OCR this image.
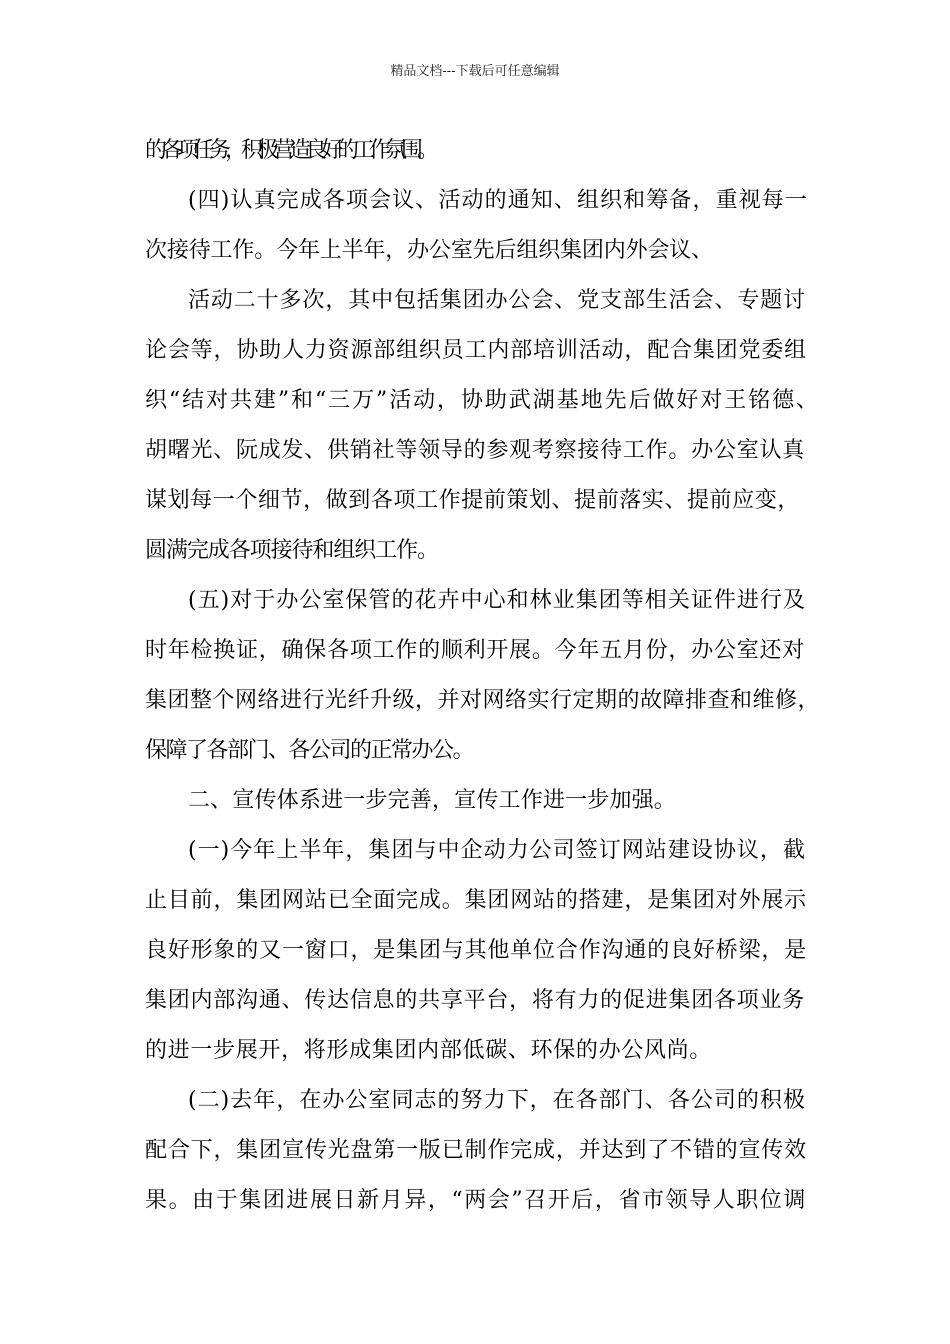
精品文档---下载后可任意编辑
的各项任务，积极营造良好的工作氛围。
(四)认真完成各项会议、活动的通知、组织和筹备，重视每一
次接待工作。今年上半年，办公室先后组织集团内外会议、
活动二十多次，其中包括集团办公会、党支部生活会、专题讨
论会等，协助人力资源部组织员工内部培训活动，配合集团党委组
织“结对共建”和“三万”活动，协助武湖基地先后做好对王铭德、
胡曙光、阮成发、供销社等领导的参观考察接待工作。办公室认真
谋划每一个细节，做到各项工作提前策划、提前落实、提前应变，
圆满完成各项接待和组织工作。
(五)对于办公室保管的花卉中心和林业集团等相关证件进行及
时年检换证，确保各项工作的顺利开展。今年五月份，办公室还对
集团整个网络进行光纤升级，并对网络实行定期的故障排查和维修，
保障了各部门、各公司的正常办公。
二、宣传体系进一步完善，宣传工作进一步加强。
(一)今年上半年，集团与中企动力公司签订网站建设协议，截
止目前，集团网站已全面完成。集团网站的搭建，是集团对外展示
良好形象的又一窗口，是集团与其他单位合作沟通的良好桥梁，是
集团内部沟通、传达信息的共享平台，将有力的促进集团各项业务
的进一步展开，将形成集团内部低碳、环保的办公风尚。
(二)去年，在办公室同志的努力下，在各部门、各公司的积极
配合下，集团宣传光盘第一版已制作完成，并达到了不错的宣传效
果。由于集团进展日新月异，“两会”召开后，省市领导人职位调
